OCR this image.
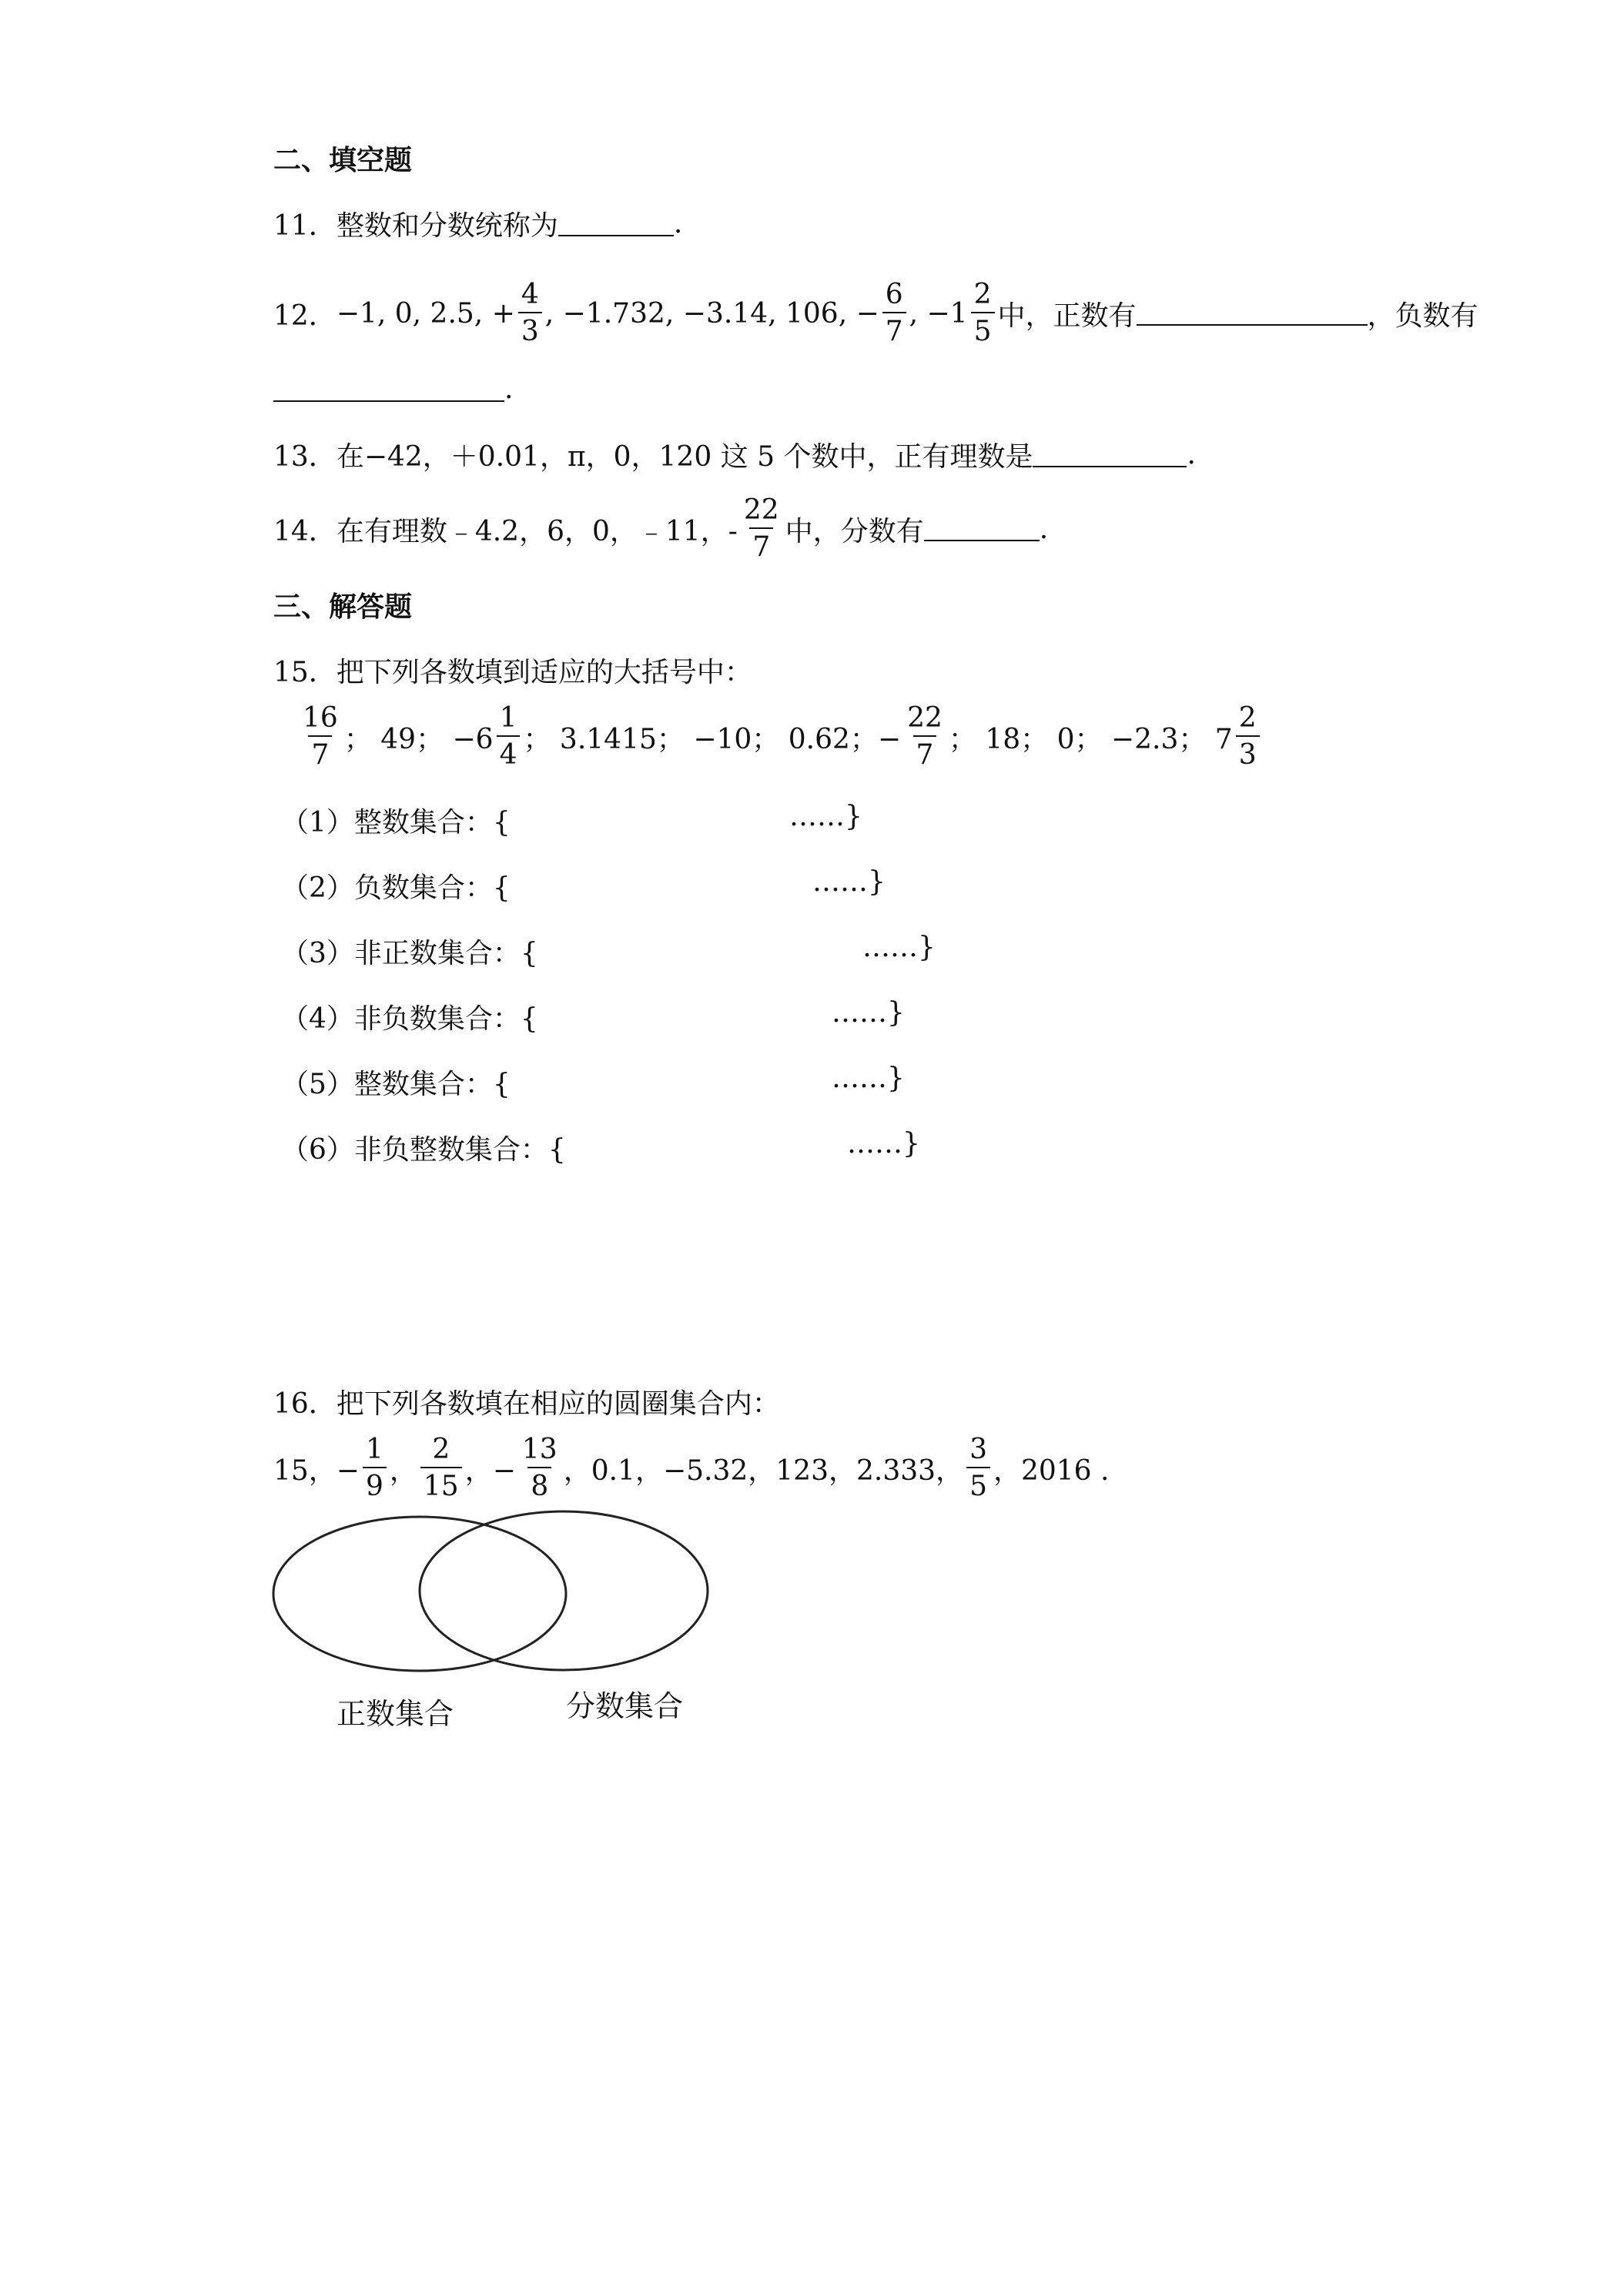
二、填空题
11． 整数和分数统称为	.
12． −1, 0, 2.5, + $\frac{4}{3}$ , −1.732, −3.14, 106, − $\frac{6}{7}$ , $-1 \frac{2}{5}$ 中，正数有	，负数有
.
13． 在−42，＋0.01，π，0，120 这 5 个数中，正有理数是	.
14． 在有理数﹣4.2，6，0，﹣11，- $\frac{22}{7}$ 中，分数有	.
三、解答题
15． 把下列各数填到适应的大括号中：
$\frac{16}{7}$ ； 49； $-6 \frac{1}{4}$ ； 3.1415； −10； 0.62；− $\frac{22}{7}$ ； 18； 0； −2.3； $7 \frac{2}{3}$
（1）整数集合：{	……}
（2）负数集合：{	……}
（3）非正数集合：{	……}
（4）非负数集合：{	……}
（5）整数集合：{	……}
（6）非负整数集合：{	……}
16． 把下列各数填在相应的圆圈集合内：
15，− $\frac{1}{9}$ ， $\frac{2}{15}$ ，− $\frac{13}{8}$ ，0.1，−5.32，123，2.333， $\frac{3}{5}$ ，2016 .
正数集合	分数集合
